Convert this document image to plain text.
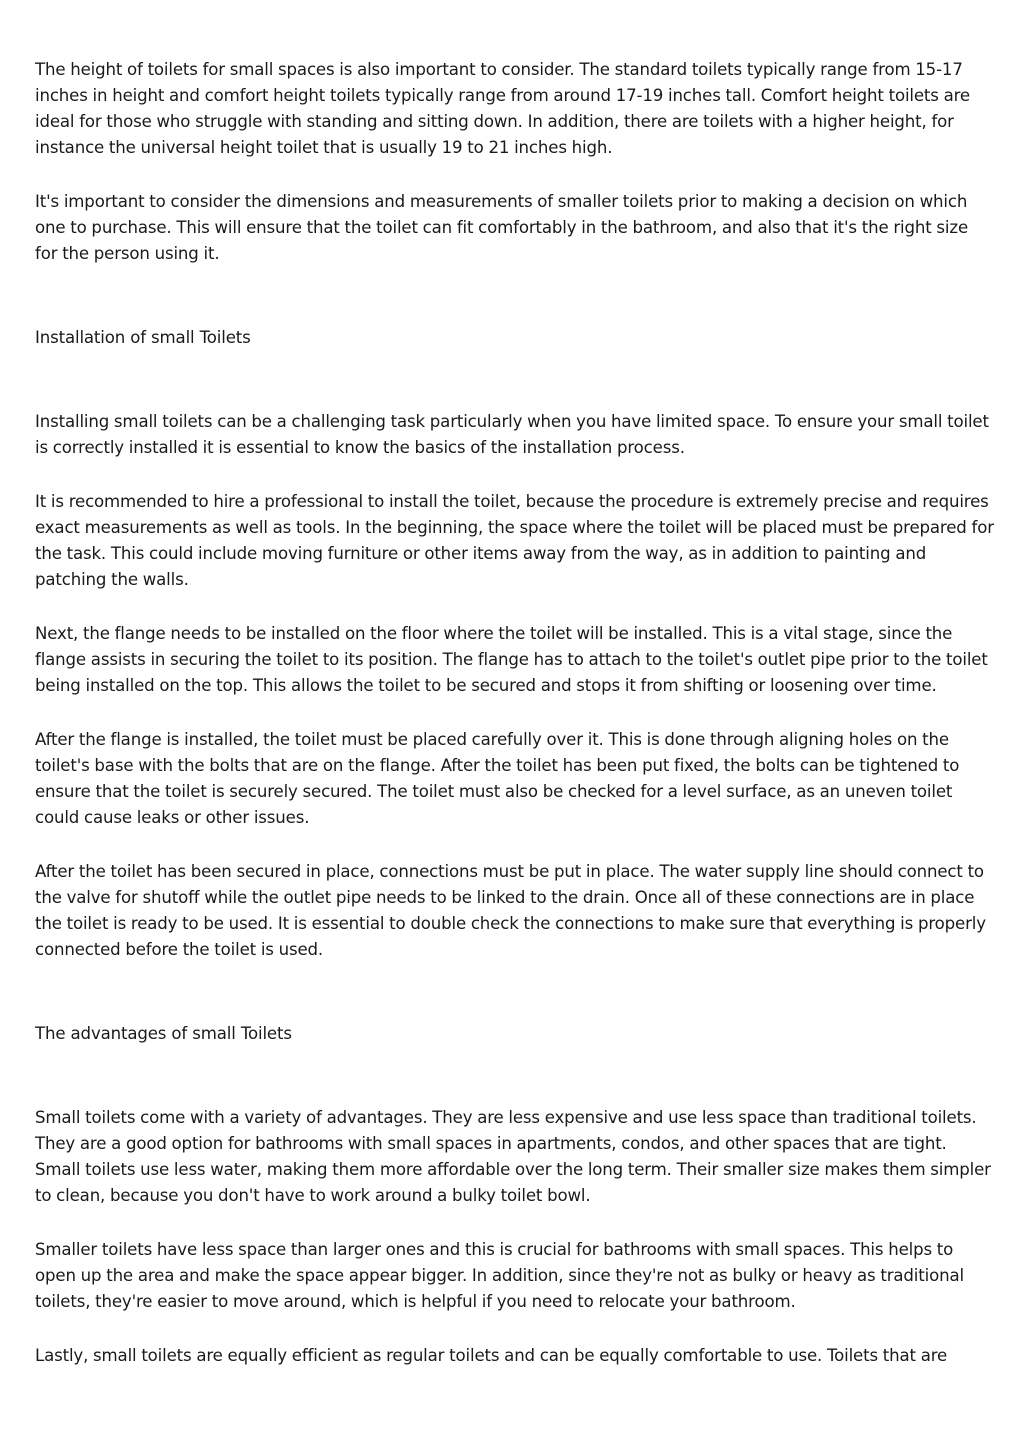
The height of toilets for small spaces is also important to consider. The standard toilets typically range from 15-17 inches in height and comfort height toilets typically range from around 17-19 inches tall. Comfort height toilets are ideal for those who struggle with standing and sitting down. In addition, there are toilets with a higher height, for instance the universal height toilet that is usually 19 to 21 inches high.

It's important to consider the dimensions and measurements of smaller toilets prior to making a decision on which one to purchase. This will ensure that the toilet can fit comfortably in the bathroom, and also that it's the right size for the person using it.

Installation of small Toilets

Installing small toilets can be a challenging task particularly when you have limited space. To ensure your small toilet is correctly installed it is essential to know the basics of the installation process.

It is recommended to hire a professional to install the toilet, because the procedure is extremely precise and requires exact measurements as well as tools. In the beginning, the space where the toilet will be placed must be prepared for the task. This could include moving furniture or other items away from the way, as in addition to painting and patching the walls.

Next, the flange needs to be installed on the floor where the toilet will be installed. This is a vital stage, since the flange assists in securing the toilet to its position. The flange has to attach to the toilet's outlet pipe prior to the toilet being installed on the top. This allows the toilet to be secured and stops it from shifting or loosening over time.

After the flange is installed, the toilet must be placed carefully over it. This is done through aligning holes on the toilet's base with the bolts that are on the flange. After the toilet has been put fixed, the bolts can be tightened to ensure that the toilet is securely secured. The toilet must also be checked for a level surface, as an uneven toilet could cause leaks or other issues.

After the toilet has been secured in place, connections must be put in place. The water supply line should connect to the valve for shutoff while the outlet pipe needs to be linked to the drain. Once all of these connections are in place the toilet is ready to be used. It is essential to double check the connections to make sure that everything is properly connected before the toilet is used.

The advantages of small Toilets

Small toilets come with a variety of advantages. They are less expensive and use less space than traditional toilets. They are a good option for bathrooms with small spaces in apartments, condos, and other spaces that are tight. Small toilets use less water, making them more affordable over the long term. Their smaller size makes them simpler to clean, because you don't have to work around a bulky toilet bowl.

Smaller toilets have less space than larger ones and this is crucial for bathrooms with small spaces. This helps to open up the area and make the space appear bigger. In addition, since they're not as bulky or heavy as traditional toilets, they're easier to move around, which is helpful if you need to relocate your bathroom.

Lastly, small toilets are equally efficient as regular toilets and can be equally comfortable to use. Toilets that are
